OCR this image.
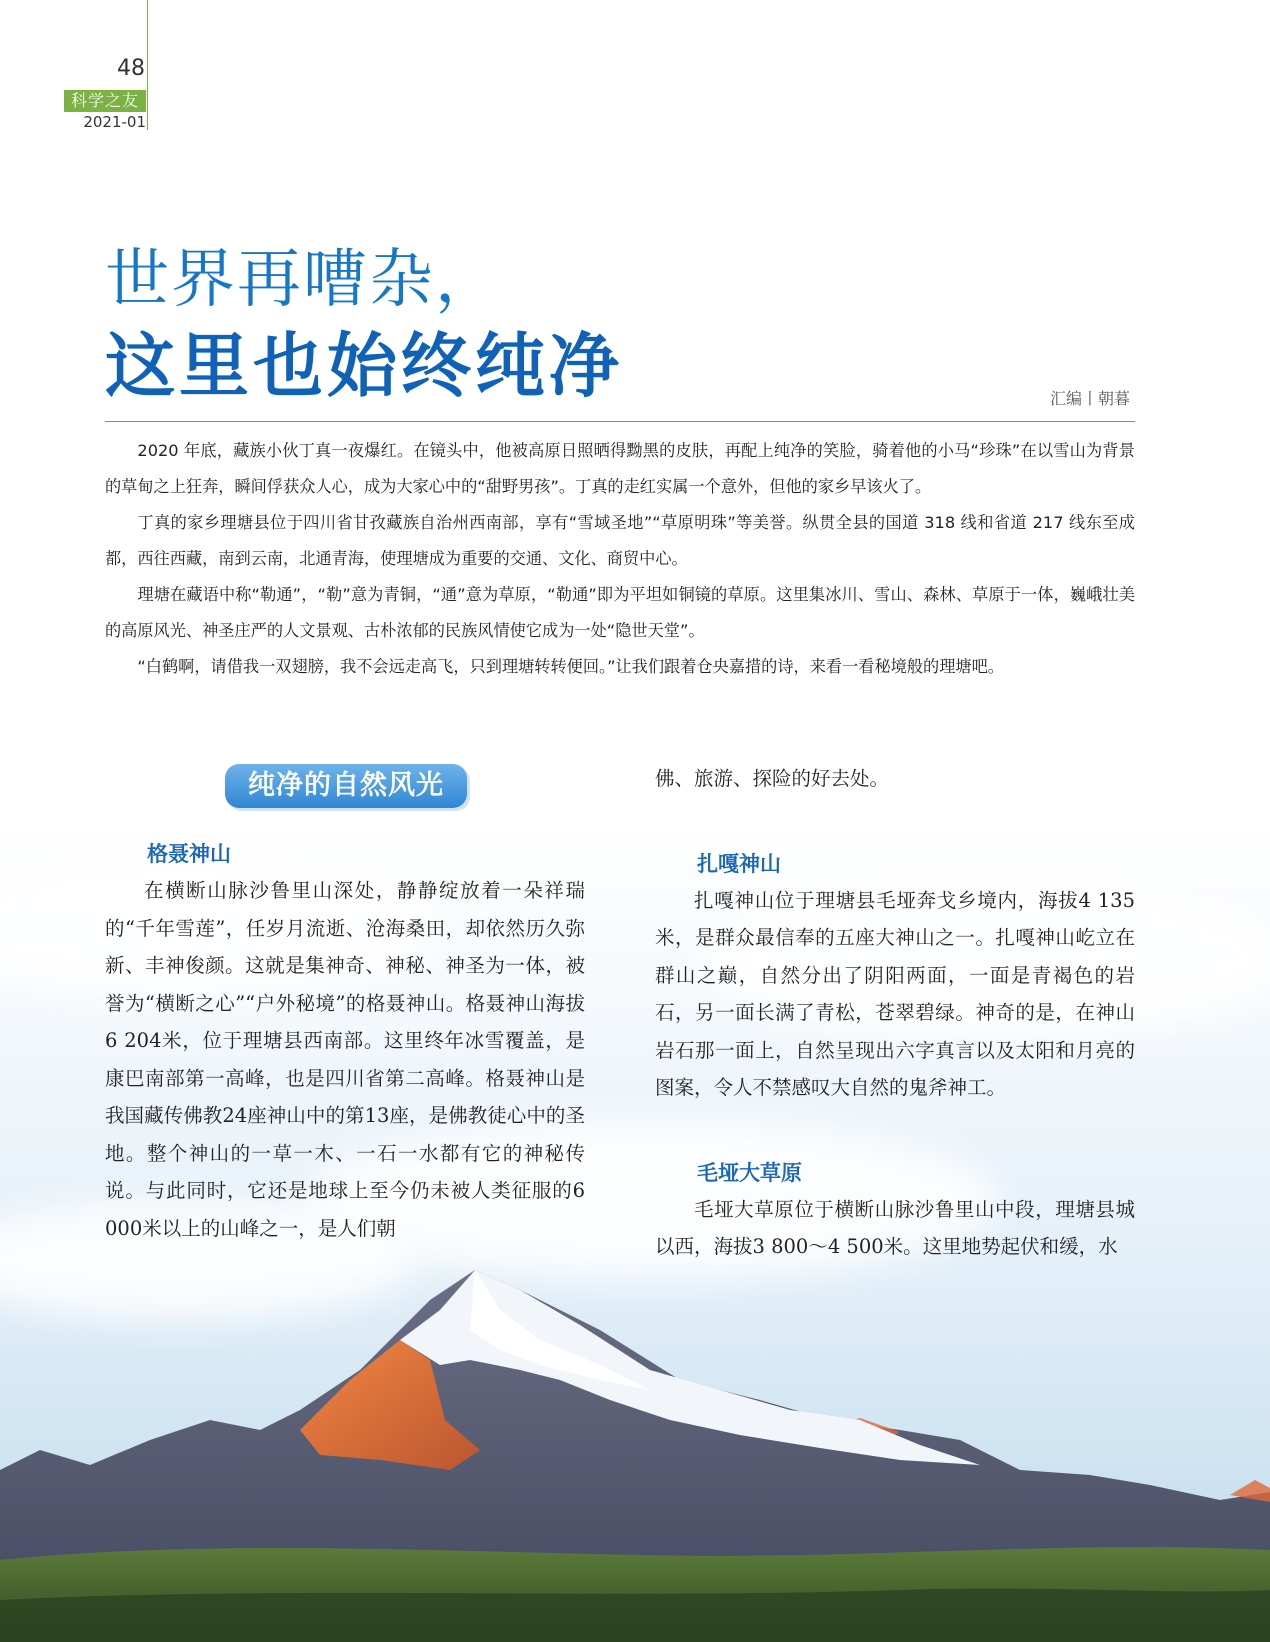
48
科学之友
2021-01
世界再嘈杂，
这里也始终纯净	汇编丨朝暮

2020 年底，藏族小伙丁真一夜爆红。在镜头中，他被高原日照晒得黝黑的皮肤，再配上纯净的笑脸，骑着他的小马“珍珠”在以雪山为背景的草甸之上狂奔，瞬间俘获众人心，成为大家心中的“甜野男孩”。丁真的走红实属一个意外，但他的家乡早该火了。

丁真的家乡理塘县位于四川省甘孜藏族自治州西南部，享有“雪域圣地”“草原明珠”等美誉。纵贯全县的国道 318 线和省道 217 线东至成都，西往西藏，南到云南，北通青海，使理塘成为重要的交通、文化、商贸中心。

理塘在藏语中称“勒通”，“勒”意为青铜，“通”意为草原，“勒通”即为平坦如铜镜的草原。这里集冰川、雪山、森林、草原于一体，巍峨壮美的高原风光、神圣庄严的人文景观、古朴浓郁的民族风情使它成为一处“隐世天堂”。

“白鹤啊，请借我一双翅膀，我不会远走高飞，只到理塘转转便回。”让我们跟着仓央嘉措的诗，来看一看秘境般的理塘吧。

纯净的自然风光
格聂神山

在横断山脉沙鲁里山深处，静静绽放着一朵祥瑞的“千年雪莲”，任岁月流逝、沧海桑田，却依然历久弥新、丰神俊颜。这就是集神奇、神秘、神圣为一体，被誉为“横断之心”“户外秘境”的格聂神山。格聂神山海拔6 204米，位于理塘县西南部。这里终年冰雪覆盖，是康巴南部第一高峰，也是四川省第二高峰。格聂神山是我国藏传佛教24座神山中的第13座，是佛教徒心中的圣地。整个神山的一草一木、一石一水都有它的神秘传说。与此同时，它还是地球上至今仍未被人类征服的6 000米以上的山峰之一，是人们朝

佛、旅游、探险的好去处。

扎嘎神山

扎嘎神山位于理塘县毛垭奔戈乡境内，海拔4 135米，是群众最信奉的五座大神山之一。扎嘎神山屹立在群山之巅，自然分出了阴阳两面，一面是青褐色的岩石，另一面长满了青松，苍翠碧绿。神奇的是，在神山岩石那一面上，自然呈现出六字真言以及太阳和月亮的图案，令人不禁感叹大自然的鬼斧神工。

毛垭大草原

毛垭大草原位于横断山脉沙鲁里山中段，理塘县城以西，海拔3 800～4 500米。这里地势起伏和缓，水
